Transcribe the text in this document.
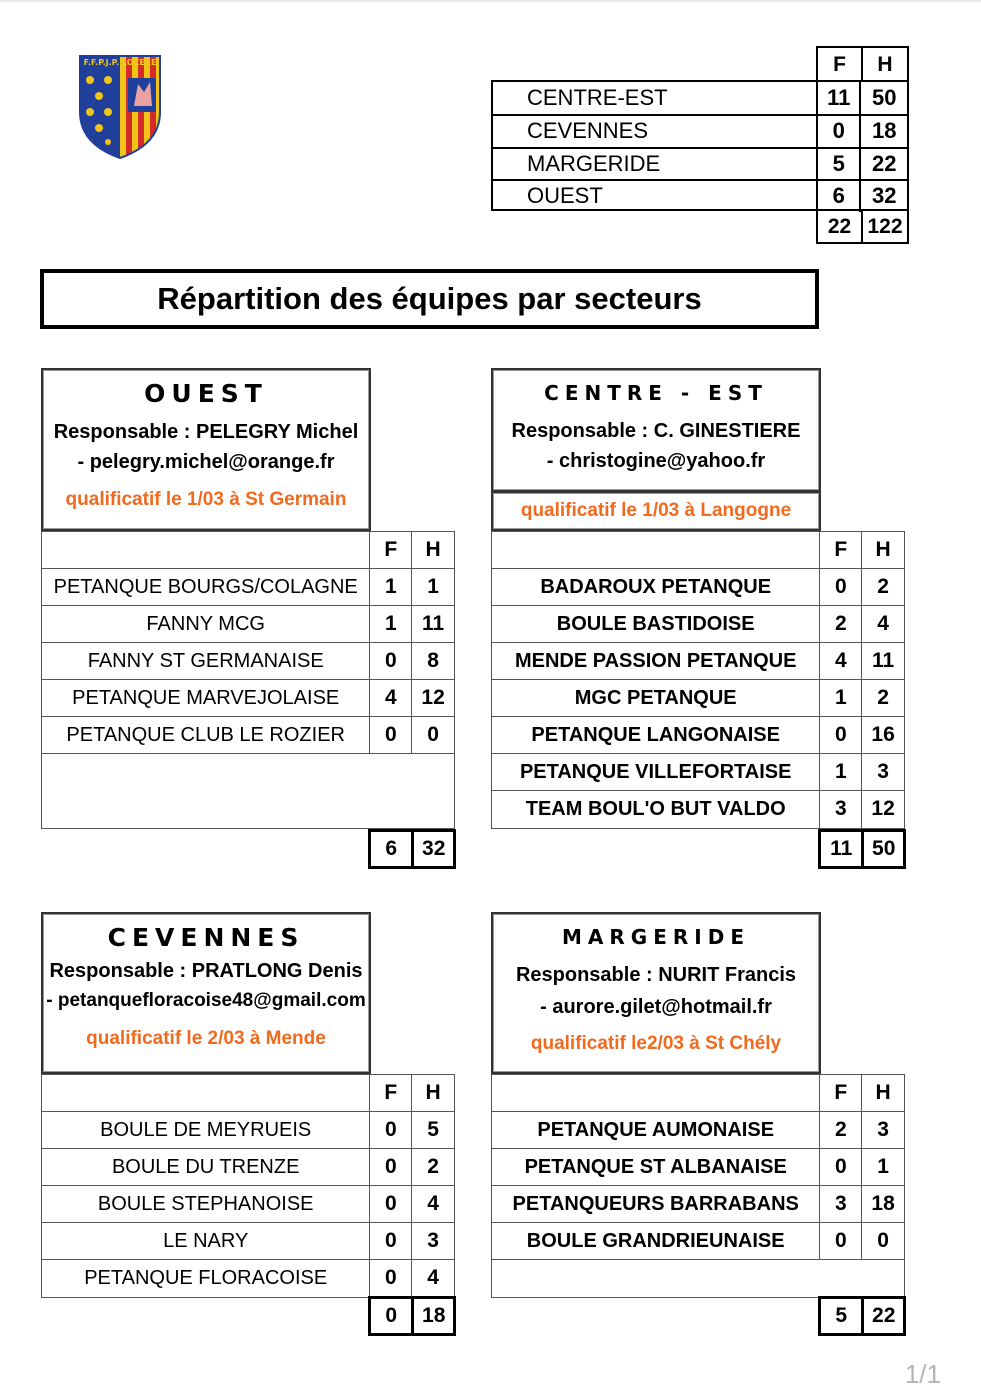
F.F.P.J.P. LOZERE	F	H
CENTRE-EST	11 50
CEVENNES	0	18
MARGERIDE	5	22
OUEST	6	32
22 122
Répartition des équipes par secteurs
OUEST
Responsable : PELEGRY Michel
- pelegry.michel@orange.fr
qualificatif le 1/03 à St Germain
F	H
PETANQUE BOURGS/COLAGNE	1	1
FANNY MCG	1	11
FANNY ST GERMANAISE	0	8
PETANQUE MARVEJOLAISE	4	12
PETANQUE CLUB LE ROZIER	0	0
6	32
CENTRE - EST
Responsable : C. GINESTIERE
- christogine@yahoo.fr
qualificatif le 1/03 à Langogne
F	H
BADAROUX PETANQUE	0	2
BOULE BASTIDOISE	2	4
MENDE PASSION PETANQUE	4	11
MGC PETANQUE	1	2
PETANQUE LANGONAISE	0	16
PETANQUE VILLEFORTAISE	1	3
TEAM BOUL'O BUT VALDO	3	12
11 50
CEVENNES
Responsable : PRATLONG Denis
- petanquefloracoise48@gmail.com
qualificatif le 2/03 à Mende
F	H
BOULE DE MEYRUEIS	0	5
BOULE DU TRENZE	0	2
BOULE STEPHANOISE	0	4
LE NARY	0	3
PETANQUE FLORACOISE	0	4
0	18
MARGERIDE
Responsable : NURIT Francis
- aurore.gilet@hotmail.fr
qualificatif le2/03 à St Chély
F	H
PETANQUE AUMONAISE	2	3
PETANQUE ST ALBANAISE	0	1
PETANQUEURS BARRABANS	3	18
BOULE GRANDRIEUNAISE	0	0
5	22
1/1
